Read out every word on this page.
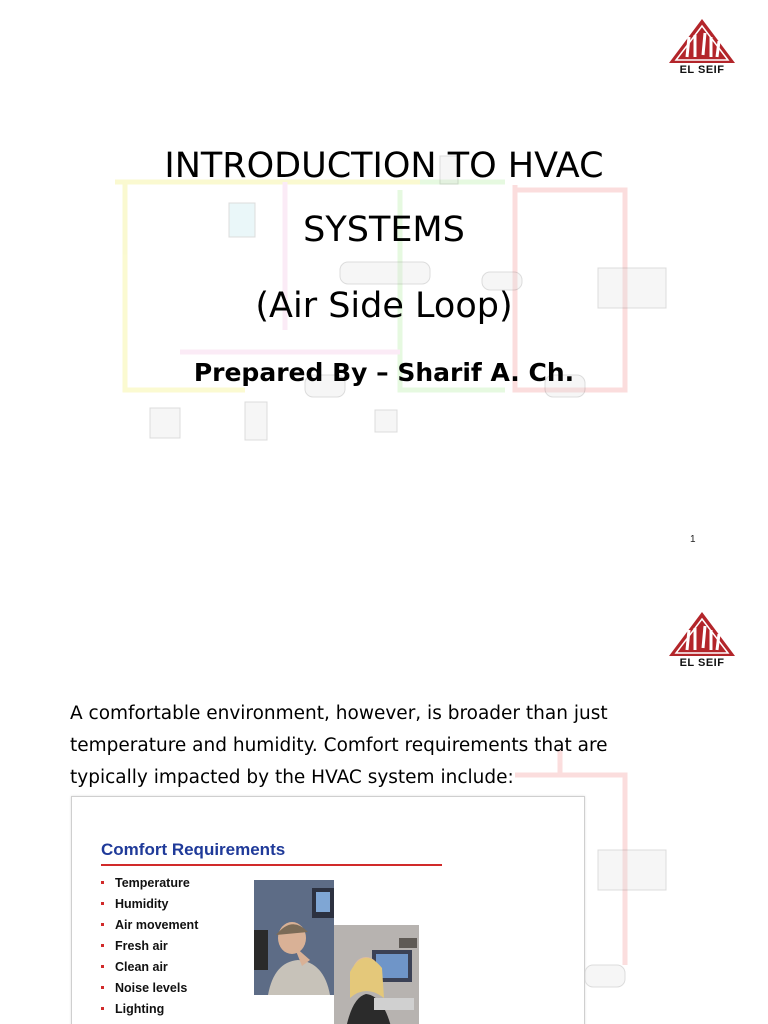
EL SEIF
INTRODUCTION TO HVAC
SYSTEMS
(Air Side Loop)
Prepared By – Sharif A. Ch.
1
EL SEIF
A comfortable environment, however, is broader than just temperature and humidity. Comfort requirements that are typically impacted by the HVAC system include:
Comfort Requirements
Temperature
Humidity
Air movement
Fresh air
Clean air
Noise levels
Lighting
